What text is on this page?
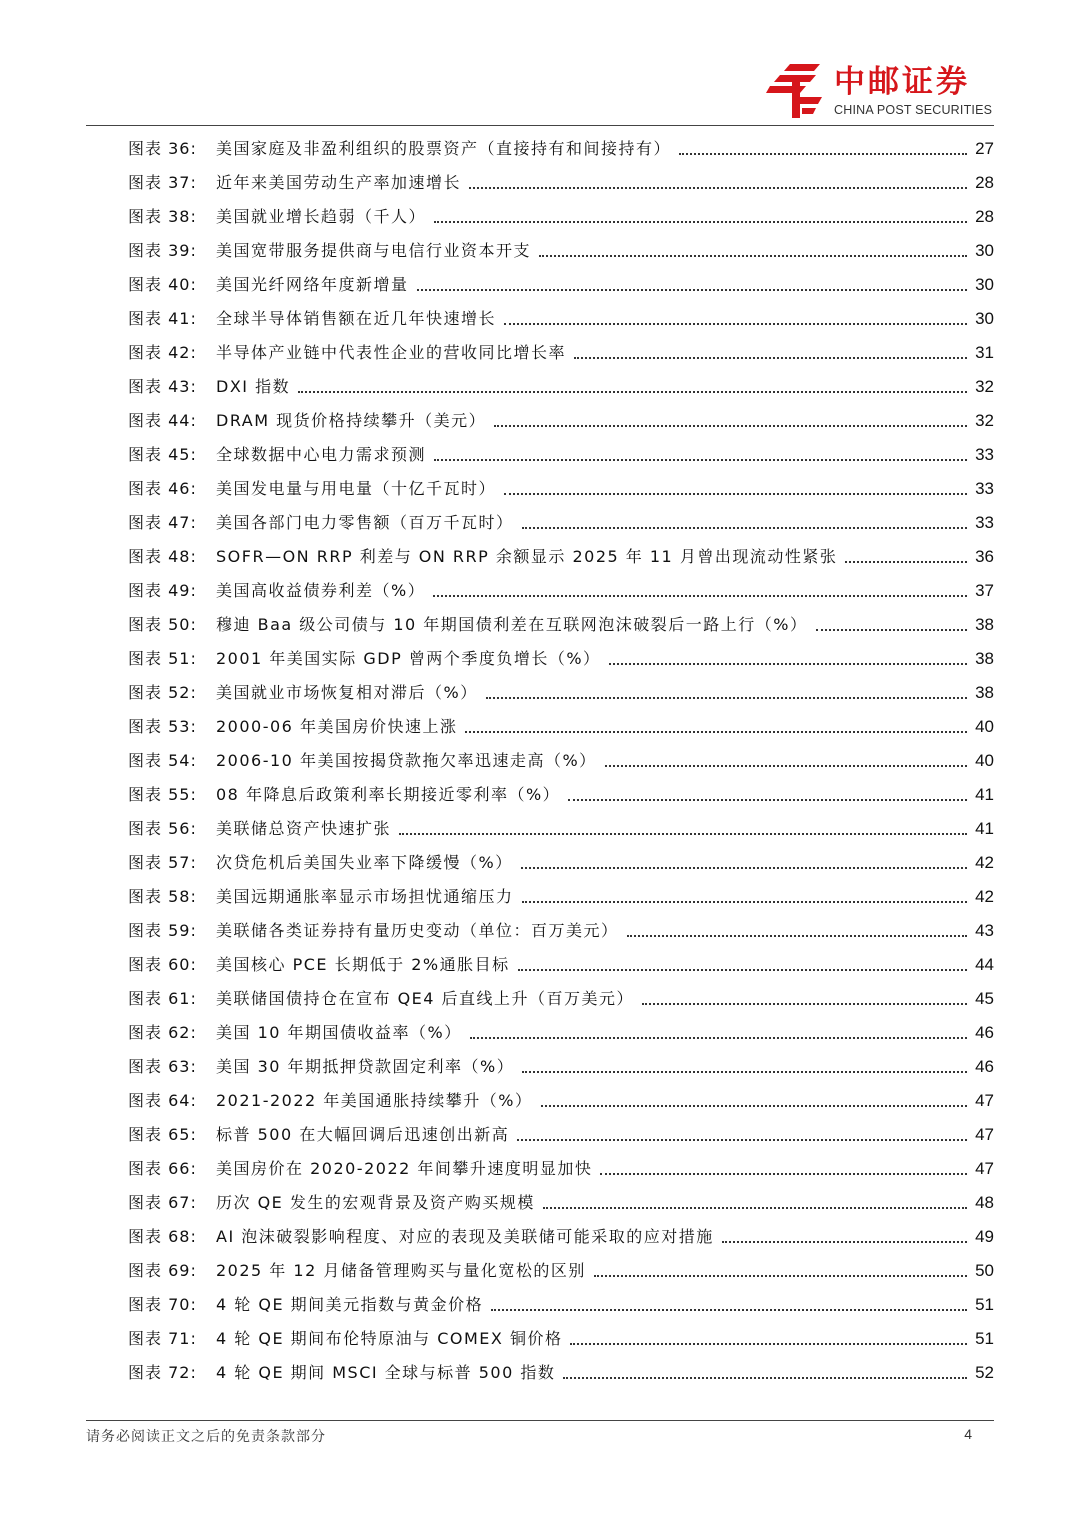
中邮证券
CHINA POST SECURITIES
图表 36:	美国家庭及非盈利组织的股票资产（直接持有和间接持有）	27
图表 37:	近年来美国劳动生产率加速增长	28
图表 38:	美国就业增长趋弱（千人）	28
图表 39:	美国宽带服务提供商与电信行业资本开支	30
图表 40:	美国光纤网络年度新增量	30
图表 41:	全球半导体销售额在近几年快速增长	30
图表 42:	半导体产业链中代表性企业的营收同比增长率	31
图表 43:	DXI 指数	32
图表 44:	DRAM 现货价格持续攀升（美元）	32
图表 45:	全球数据中心电力需求预测	33
图表 46:	美国发电量与用电量（十亿千瓦时）	33
图表 47:	美国各部门电力零售额（百万千瓦时）	33
图表 48:	SOFR—ON RRP 利差与 ON RRP 余额显示 2025 年 11 月曾出现流动性紧张	36
图表 49:	美国高收益债券利差（%）	37
图表 50:	穆迪 Baa 级公司债与 10 年期国债利差在互联网泡沫破裂后一路上行（%）	38
图表 51:	2001 年美国实际 GDP 曾两个季度负增长（%）	38
图表 52:	美国就业市场恢复相对滞后（%）	38
图表 53:	2000-06 年美国房价快速上涨	40
图表 54:	2006-10 年美国按揭贷款拖欠率迅速走高（%）	40
图表 55:	08 年降息后政策利率长期接近零利率（%）	41
图表 56:	美联储总资产快速扩张	41
图表 57:	次贷危机后美国失业率下降缓慢（%）	42
图表 58:	美国远期通胀率显示市场担忧通缩压力	42
图表 59:	美联储各类证券持有量历史变动（单位：百万美元）	43
图表 60:	美国核心 PCE 长期低于 2%通胀目标	44
图表 61:	美联储国债持仓在宣布 QE4 后直线上升（百万美元）	45
图表 62:	美国 10 年期国债收益率（%）	46
图表 63:	美国 30 年期抵押贷款固定利率（%）	46
图表 64:	2021-2022 年美国通胀持续攀升（%）	47
图表 65:	标普 500 在大幅回调后迅速创出新高	47
图表 66:	美国房价在 2020-2022 年间攀升速度明显加快	47
图表 67:	历次 QE 发生的宏观背景及资产购买规模	48
图表 68:	AI 泡沫破裂影响程度、对应的表现及美联储可能采取的应对措施	49
图表 69:	2025 年 12 月储备管理购买与量化宽松的区别	50
图表 70:	4 轮 QE 期间美元指数与黄金价格	51
图表 71:	4 轮 QE 期间布伦特原油与 COMEX 铜价格	51
图表 72:	4 轮 QE 期间 MSCI 全球与标普 500 指数	52
请务必阅读正文之后的免责条款部分	4
